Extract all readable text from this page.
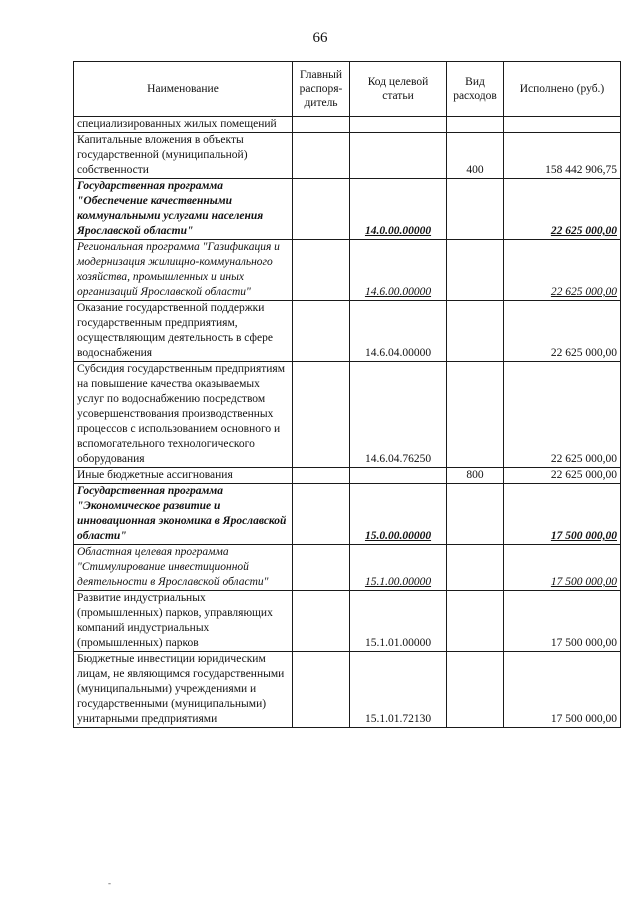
66
Наименование	Главный распоря-дитель	Код целевой статьи	Вид расходов	Исполнено (руб.)
специализированных жилых помещений				
Капитальные вложения в объекты государственной (муниципальной) собственности			400	158 442 906,75
Государственная программа "Обеспечение качественными коммунальными услугами населения Ярославской области"		14.0.00.00000		22 625 000,00
Региональная программа "Газификация и модернизация жилищно-коммунального хозяйства, промышленных и иных организаций Ярославской области"		14.6.00.00000		22 625 000,00
Оказание государственной поддержки государственным предприятиям, осуществляющим деятельность в сфере водоснабжения		14.6.04.00000		22 625 000,00
Субсидия государственным предприятиям на повышение качества оказываемых услуг по водоснабжению посредством усовершенствования производственных процессов с использованием основного и вспомогательного технологического оборудования		14.6.04.76250		22 625 000,00
Иные бюджетные ассигнования			800	22 625 000,00
Государственная программа "Экономическое развитие и инновационная экономика в Ярославской области"		15.0.00.00000		17 500 000,00
Областная целевая программа "Стимулирование инвестиционной деятельности в Ярославской области"		15.1.00.00000		17 500 000,00
Развитие индустриальных (промышленных) парков, управляющих компаний индустриальных (промышленных) парков		15.1.01.00000		17 500 000,00
Бюджетные инвестиции юридическим лицам, не являющимся государственными (муниципальными) учреждениями и государственными (муниципальными) унитарными предприятиями		15.1.01.72130		17 500 000,00
‑
